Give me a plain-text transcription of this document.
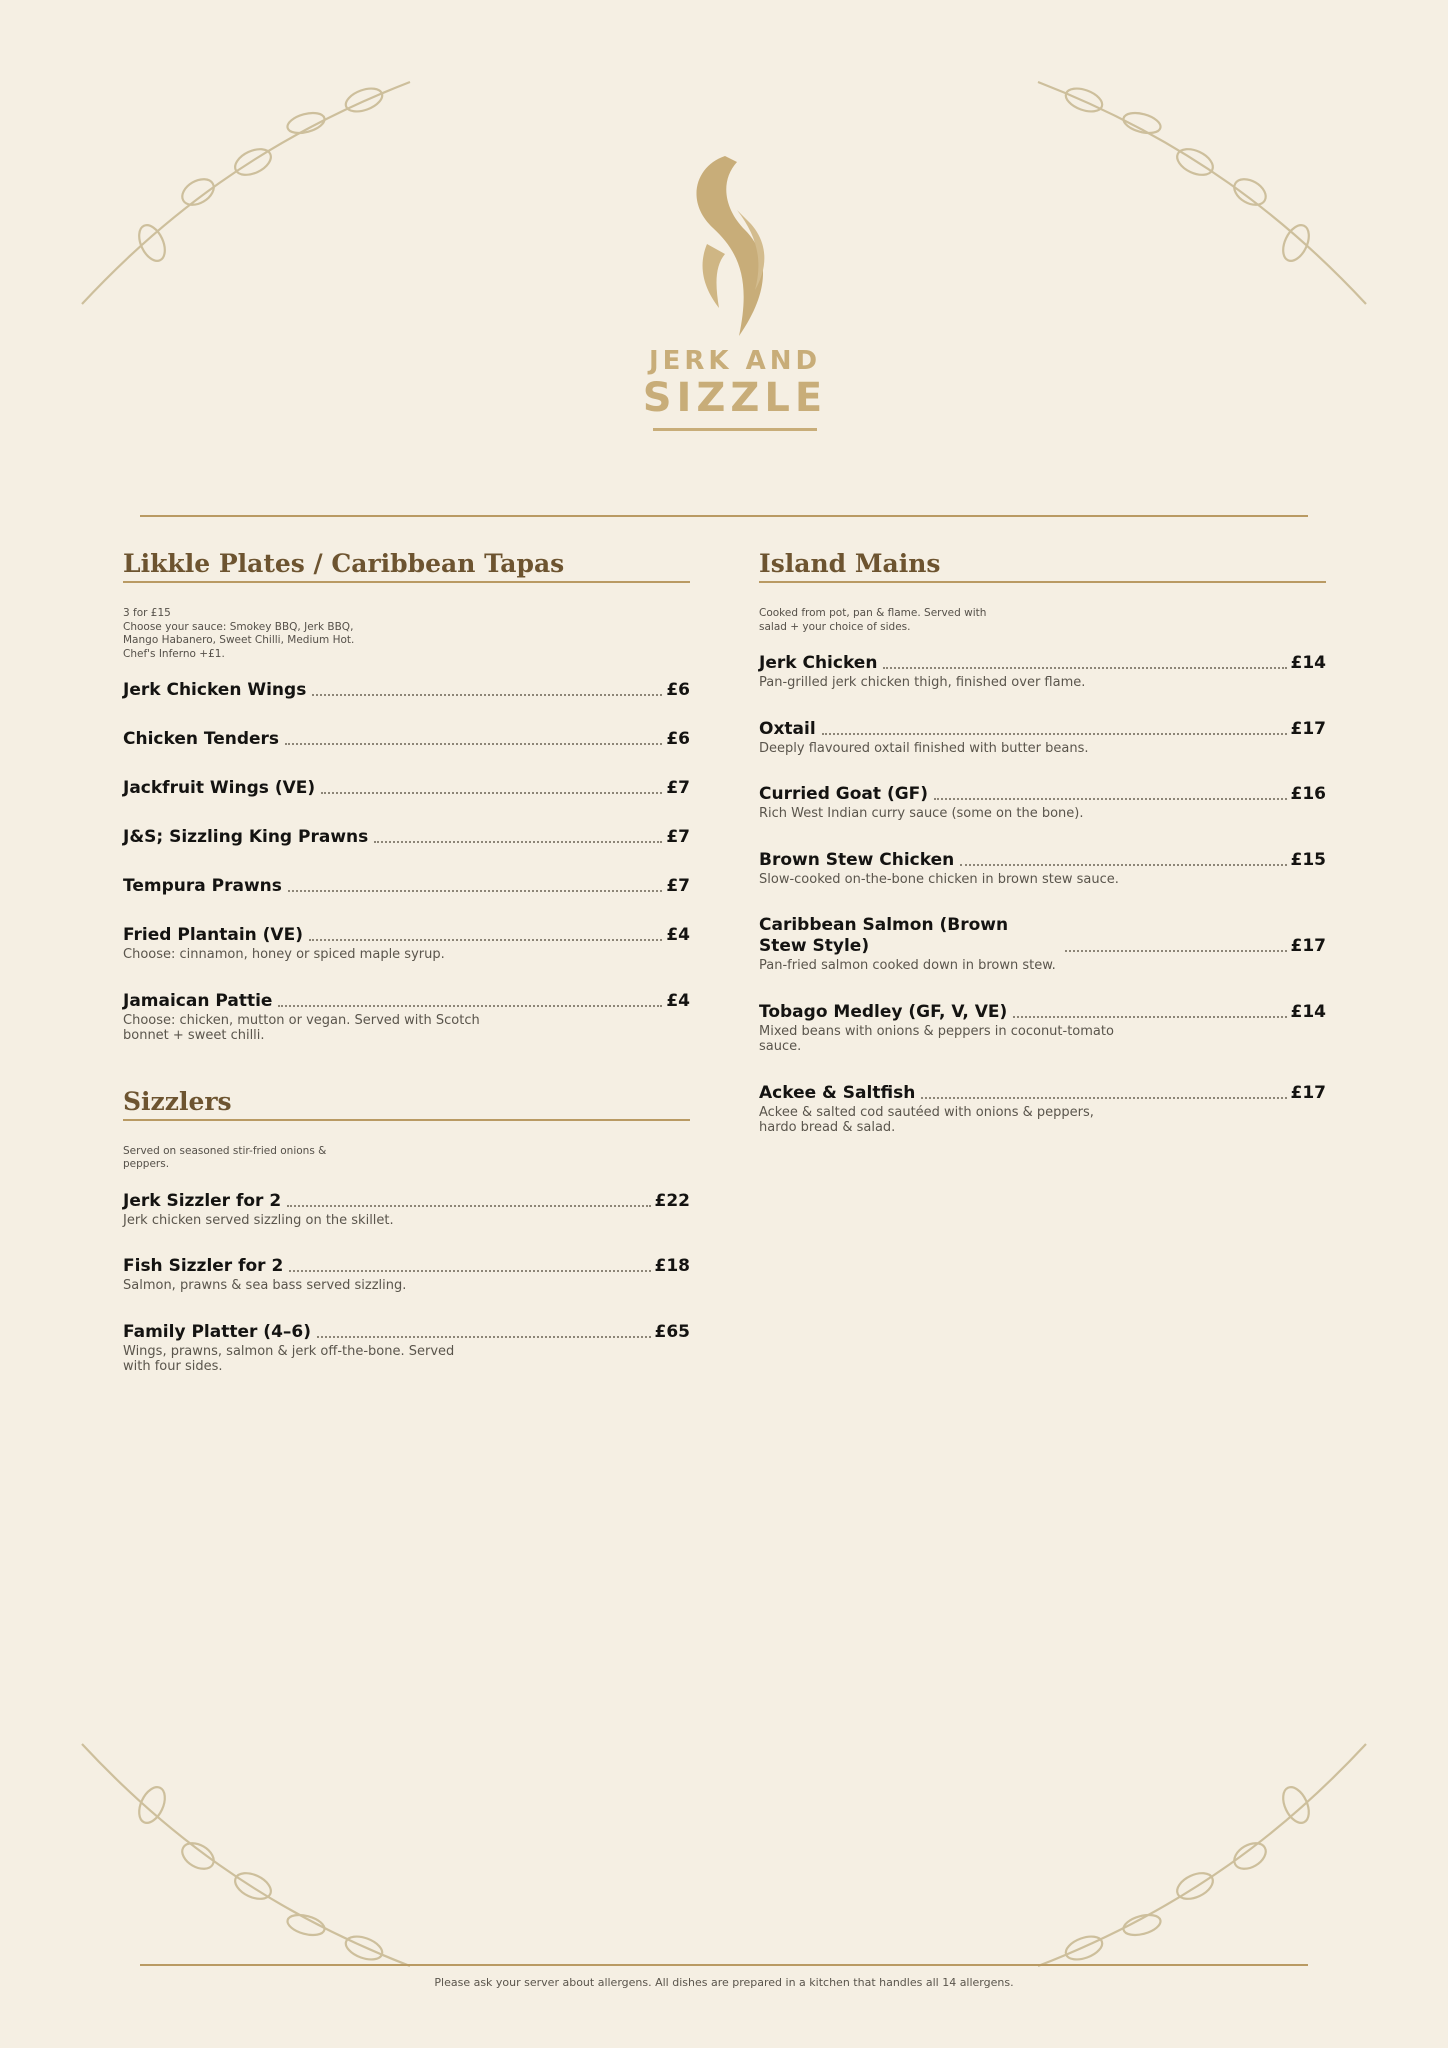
JERK AND
SIZZLE
Likkle Plates / Caribbean Tapas
3 for £15
Choose your sauce: Smokey BBQ, Jerk BBQ, Mango Habanero, Sweet Chilli, Medium Hot. Chef's Inferno +£1.
Jerk Chicken Wings	£6
Chicken Tenders	£6
Jackfruit Wings (VE)	£7
J&S; Sizzling King Prawns	£7
Tempura Prawns	£7
Fried Plantain (VE)	£4
Choose: cinnamon, honey or spiced maple syrup.
Jamaican Pattie	£4
Choose: chicken, mutton or vegan. Served with Scotch bonnet + sweet chilli.
Sizzlers
Served on seasoned stir-fried onions & peppers.
Jerk Sizzler for 2	£22
Jerk chicken served sizzling on the skillet.
Fish Sizzler for 2	£18
Salmon, prawns & sea bass served sizzling.
Family Platter (4–6)	£65
Wings, prawns, salmon & jerk off-the-bone. Served with four sides.
Island Mains
Cooked from pot, pan & flame. Served with salad + your choice of sides.
Jerk Chicken	£14
Pan-grilled jerk chicken thigh, finished over flame.
Oxtail	£17
Deeply flavoured oxtail finished with butter beans.
Curried Goat (GF)	£16
Rich West Indian curry sauce (some on the bone).
Brown Stew Chicken	£15
Slow-cooked on-the-bone chicken in brown stew sauce.
Caribbean Salmon (Brown Stew Style)	£17
Pan-fried salmon cooked down in brown stew.
Tobago Medley (GF, V, VE)	£14
Mixed beans with onions & peppers in coconut-tomato sauce.
Ackee & Saltfish	£17
Ackee & salted cod sautéed with onions & peppers, hardo bread & salad.
Please ask your server about allergens. All dishes are prepared in a kitchen that handles all 14 allergens.
